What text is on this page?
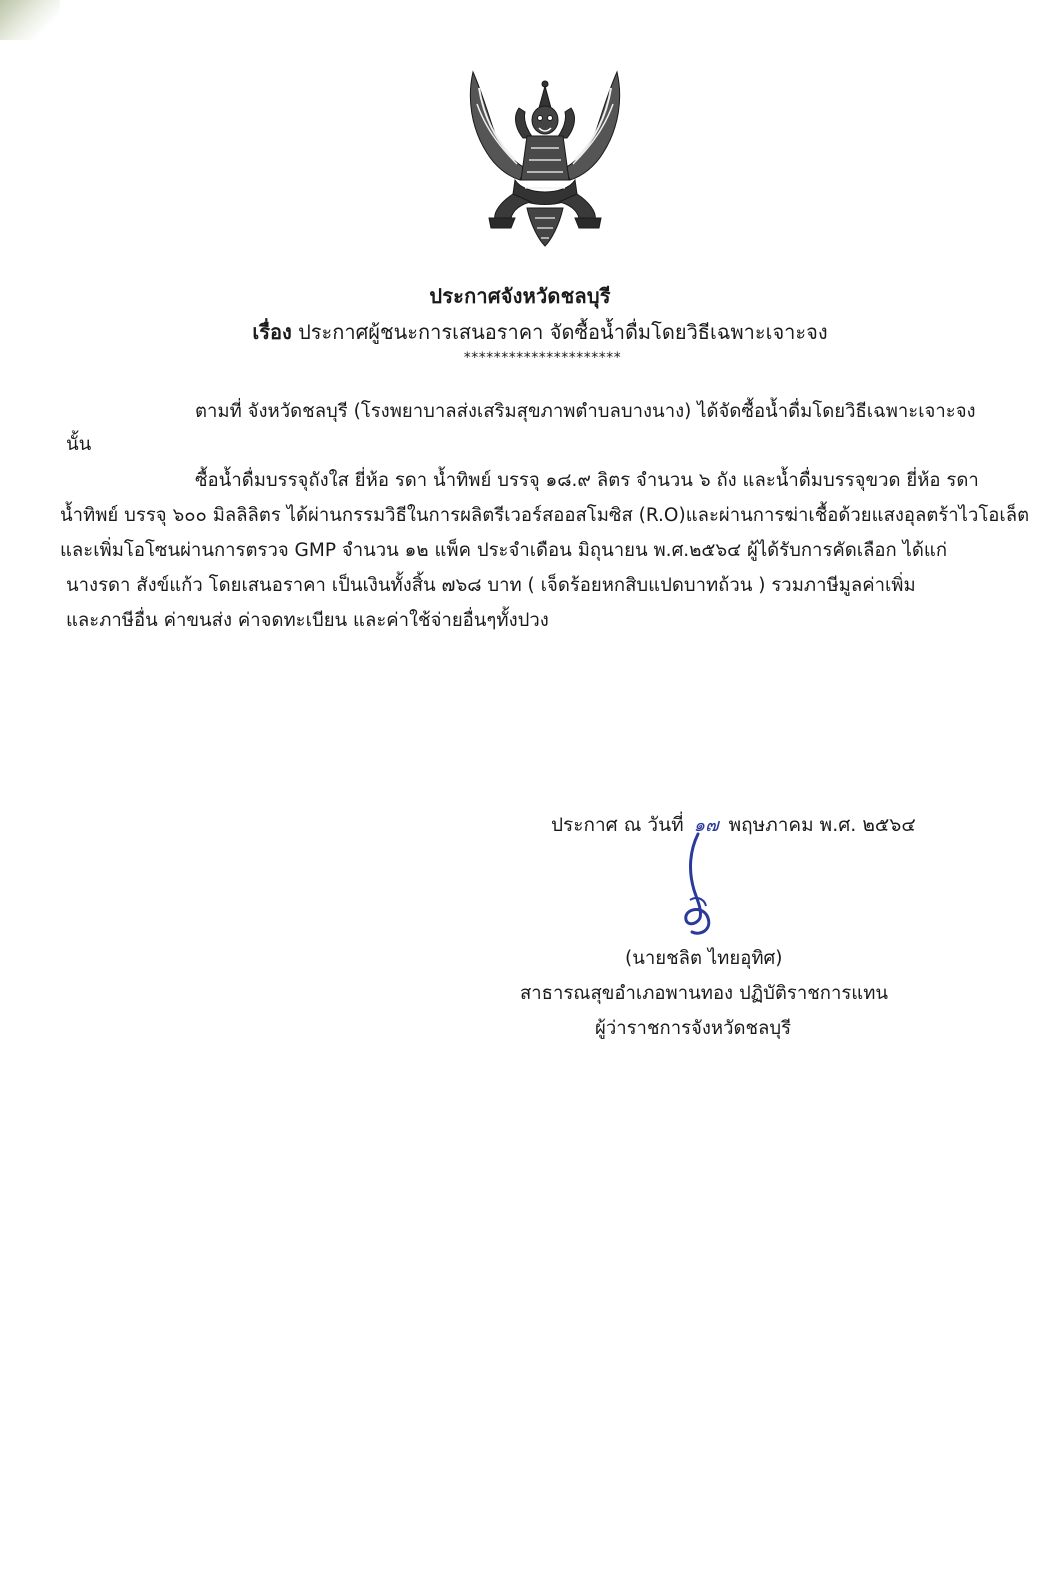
ประกาศจังหวัดชลบุรี
เรื่อง ประกาศผู้ชนะการเสนอราคา จัดซื้อน้ำดื่มโดยวิธีเฉพาะเจาะจง
*********************
ตามที่ จังหวัดชลบุรี (โรงพยาบาลส่งเสริมสุขภาพตำบลบางนาง) ได้จัดซื้อน้ำดื่มโดยวิธีเฉพาะเจาะจง
นั้น
ซื้อน้ำดื่มบรรจุถังใส ยี่ห้อ รดา น้ำทิพย์ บรรจุ ๑๘.๙ ลิตร จำนวน ๖ ถัง และน้ำดื่มบรรจุขวด ยี่ห้อ รดา
น้ำทิพย์ บรรจุ ๖๐๐ มิลลิลิตร ได้ผ่านกรรมวิธีในการผลิตรีเวอร์สออสโมซิส (R.O)และผ่านการฆ่าเชื้อด้วยแสงอุลตร้าไวโอเล็ต
และเพิ่มโอโซนผ่านการตรวจ GMP จำนวน ๑๒ แพ็ค ประจำเดือน มิถุนายน พ.ศ.๒๕๖๔ ผู้ได้รับการคัดเลือก ได้แก่
นางรดา สังข์แก้ว โดยเสนอราคา เป็นเงินทั้งสิ้น ๗๖๘ บาท ( เจ็ดร้อยหกสิบแปดบาทถ้วน ) รวมภาษีมูลค่าเพิ่ม
และภาษีอื่น ค่าขนส่ง ค่าจดทะเบียน และค่าใช้จ่ายอื่นๆทั้งปวง
ประกาศ ณ วันที่ ๑๗ พฤษภาคม พ.ศ. ๒๕๖๔
(นายชลิต ไทยอุทิศ)
สาธารณสุขอำเภอพานทอง ปฏิบัติราชการแทน
ผู้ว่าราชการจังหวัดชลบุรี
